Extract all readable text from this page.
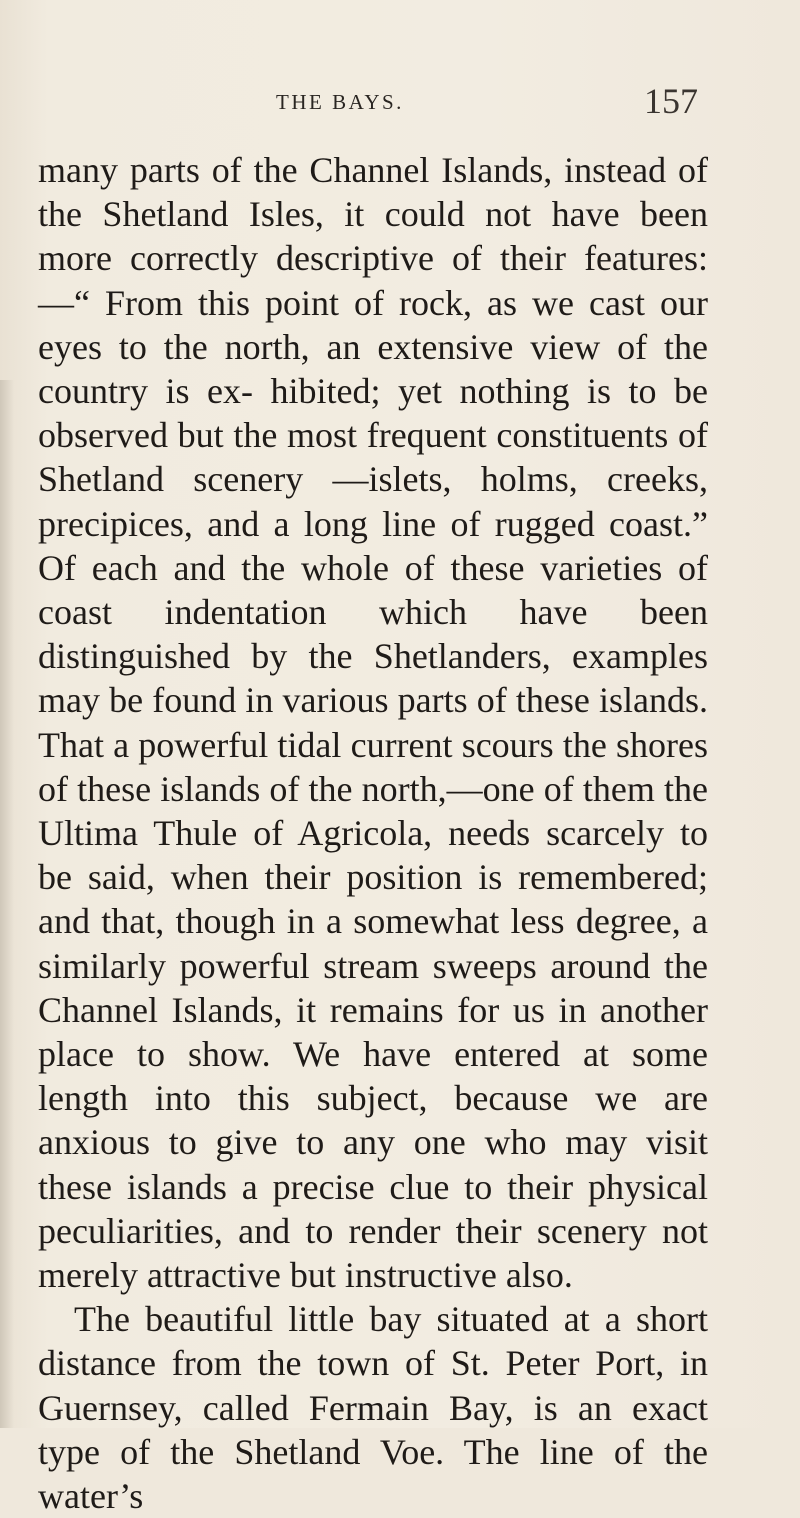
THE BAYS.	157

many parts of the Channel Islands, instead of the Shetland Isles, it could not have been more correctly descriptive of their features:—“ From this point of rock, as we cast our eyes to the north, an extensive view of the country is ex- hibited; yet nothing is to be observed but the most frequent constituents of Shetland scenery —islets, holms, creeks, precipices, and a long line of rugged coast.” Of each and the whole of these varieties of coast indentation which have been distinguished by the Shetlanders, examples may be found in various parts of these islands. That a powerful tidal current scours the shores of these islands of the north,—one of them the Ultima Thule of Agricola, needs scarcely to be said, when their position is remembered; and that, though in a somewhat less degree, a similarly powerful stream sweeps around the Channel Islands, it remains for us in another place to show. We have entered at some length into this subject, because we are anxious to give to any one who may visit these islands a precise clue to their physical peculiarities, and to render their scenery not merely attractive but instructive also.

The beautiful little bay situated at a short distance from the town of St. Peter Port, in Guernsey, called Fermain Bay, is an exact type of the Shetland Voe. The line of the water’s
